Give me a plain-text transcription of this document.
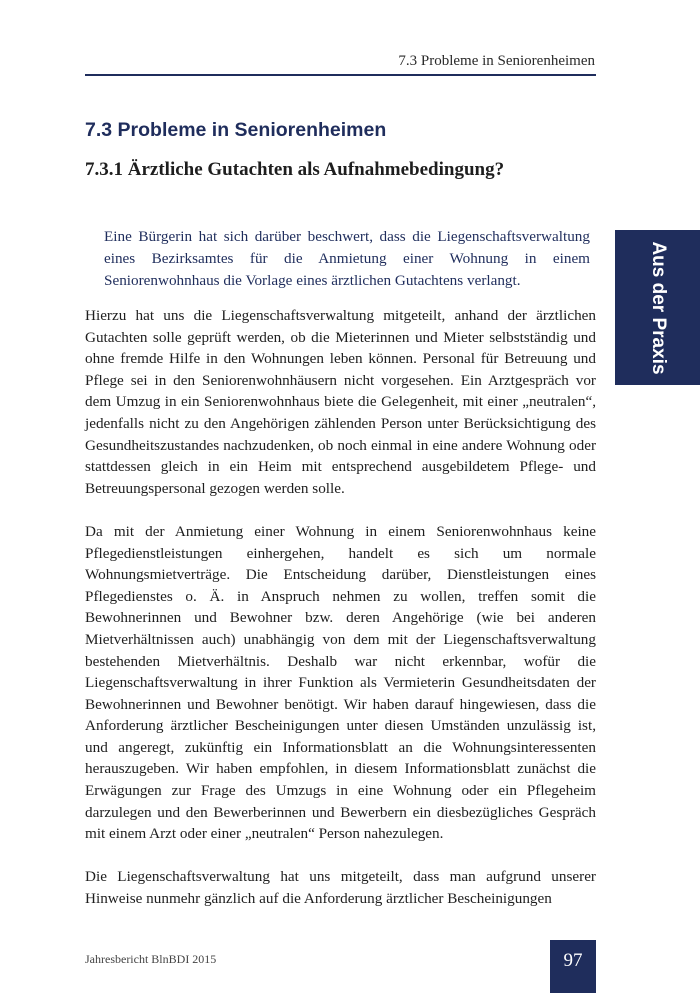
7.3 Probleme in Seniorenheimen
7.3 Probleme in Seniorenheimen
7.3.1 Ärztliche Gutachten als Aufnahmebedingung?
Eine Bürgerin hat sich darüber beschwert, dass die Liegenschaftsverwaltung eines Bezirksamtes für die Anmietung einer Wohnung in einem Seniorenwohnhaus die Vorlage eines ärztlichen Gutachtens verlangt.

Hierzu hat uns die Liegenschaftsverwaltung mitgeteilt, anhand der ärztlichen Gutachten solle geprüft werden, ob die Mieterinnen und Mieter selbstständig und ohne fremde Hilfe in den Wohnungen leben können. Personal für Betreuung und Pflege sei in den Seniorenwohnhäusern nicht vorgesehen. Ein Arztgespräch vor dem Umzug in ein Seniorenwohnhaus biete die Gelegenheit, mit einer „neutralen“, jedenfalls nicht zu den Angehörigen zählenden Person unter Berücksichtigung des Gesundheitszustandes nachzudenken, ob noch einmal in eine andere Wohnung oder stattdessen gleich in ein Heim mit entsprechend ausgebildetem Pflege- und Betreuungspersonal gezogen werden solle.

Da mit der Anmietung einer Wohnung in einem Seniorenwohnhaus keine Pflegedienstleistungen einhergehen, handelt es sich um normale Wohnungsmietverträge. Die Entscheidung darüber, Dienstleistungen eines Pflegedienstes o. Ä. in Anspruch nehmen zu wollen, treffen somit die Bewohnerinnen und Bewohner bzw. deren Angehörige (wie bei anderen Mietverhältnissen auch) unabhängig von dem mit der Liegenschaftsverwaltung bestehenden Mietverhältnis. Deshalb war nicht erkennbar, wofür die Liegenschaftsverwaltung in ihrer Funktion als Vermieterin Gesundheitsdaten der Bewohnerinnen und Bewohner benötigt. Wir haben darauf hingewiesen, dass die Anforderung ärztlicher Bescheinigungen unter diesen Umständen unzulässig ist, und angeregt, zukünftig ein Informationsblatt an die Wohnungsinteressenten herauszugeben. Wir haben empfohlen, in diesem Informationsblatt zunächst die Erwägungen zur Frage des Umzugs in eine Wohnung oder ein Pflegeheim darzulegen und den Bewerberinnen und Bewerbern ein diesbezügliches Gespräch mit einem Arzt oder einer „neutralen“ Person nahezulegen.

Die Liegenschaftsverwaltung hat uns mitgeteilt, dass man aufgrund unserer Hinweise nunmehr gänzlich auf die Anforderung ärztlicher Bescheinigungen

Aus der Praxis
Jahresbericht BlnBDI 2015	97
